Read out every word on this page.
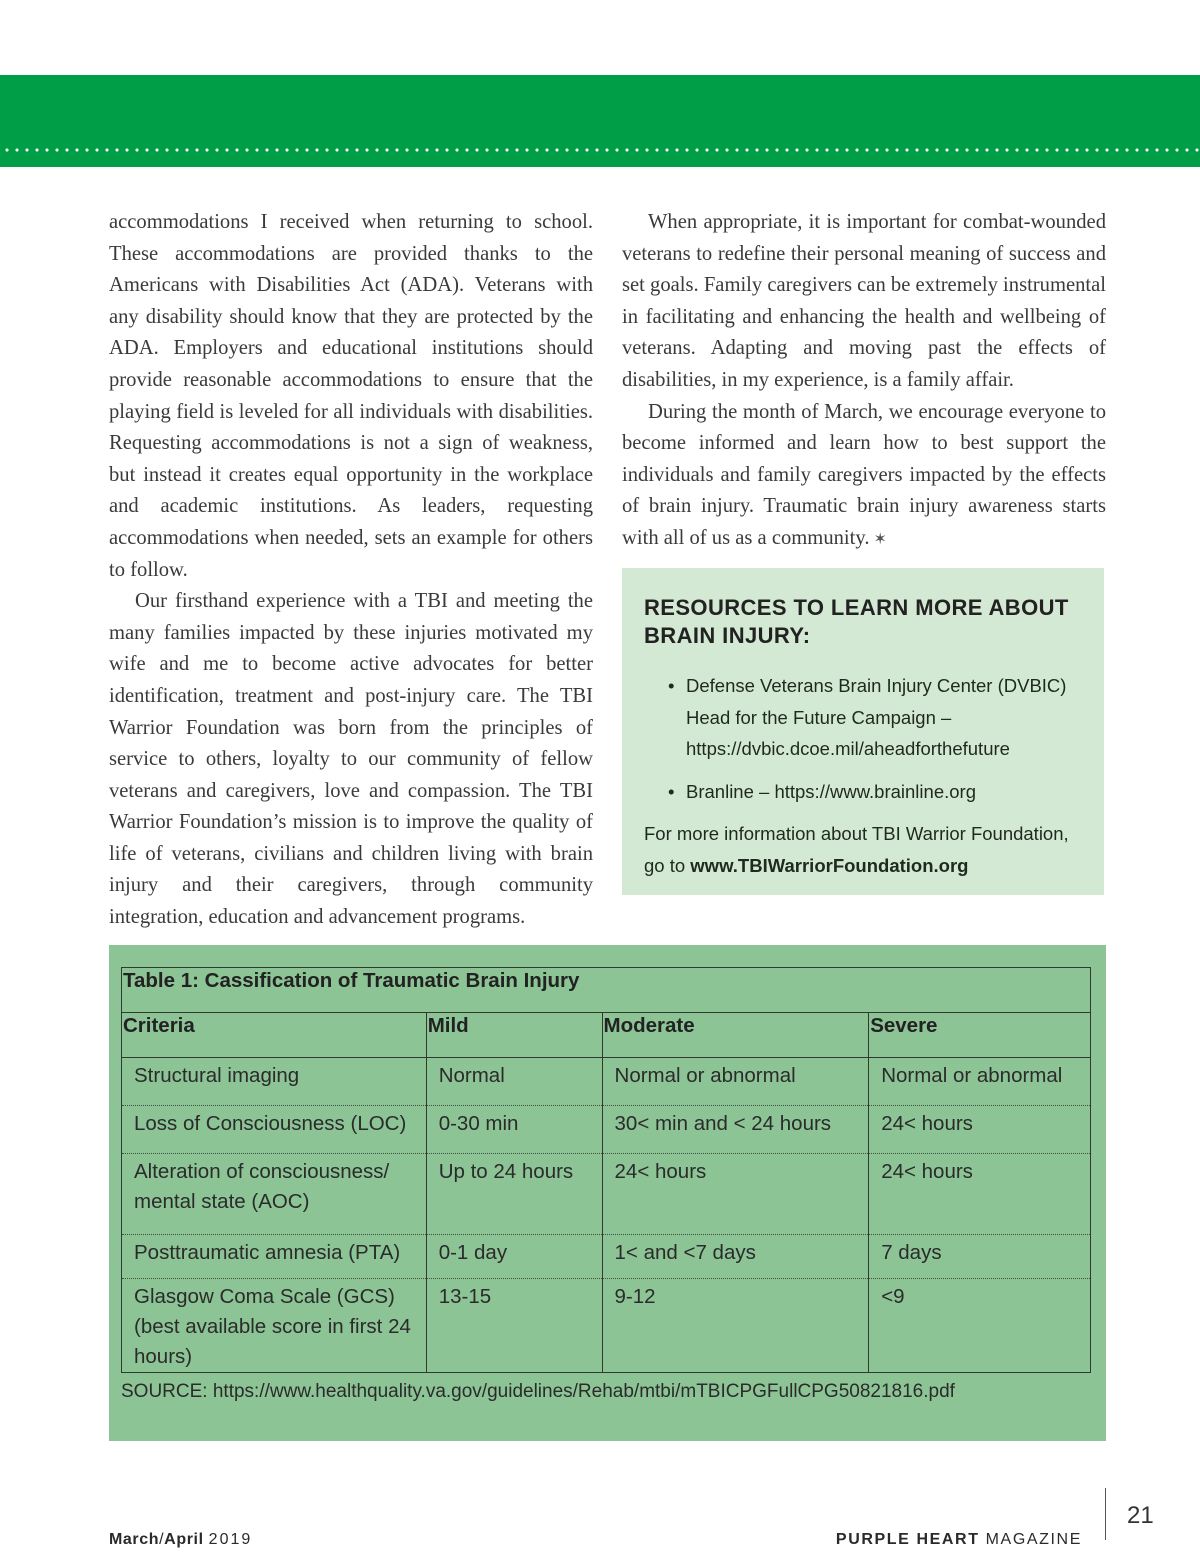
accommodations I received when returning to school. These accommodations are provided thanks to the Americans with Disabilities Act (ADA). Veterans with any disability should know that they are protected by the ADA. Employers and educational institutions should provide reasonable accommodations to ensure that the playing field is leveled for all individuals with disabilities. Requesting accommodations is not a sign of weakness, but instead it creates equal opportunity in the workplace and academic institutions. As leaders, requesting accommodations when needed, sets an example for others to follow.

Our firsthand experience with a TBI and meeting the many families impacted by these injuries motivated my wife and me to become active advocates for better identification, treatment and post-injury care. The TBI Warrior Foundation was born from the principles of service to others, loyalty to our community of fellow veterans and caregivers, love and compassion. The TBI Warrior Foundation’s mission is to improve the quality of life of veterans, civilians and children living with brain injury and their caregivers, through community integration, education and advancement programs.

When appropriate, it is important for combat-wounded veterans to redefine their personal meaning of success and set goals. Family caregivers can be extremely instrumental in facilitating and enhancing the health and wellbeing of veterans. Adapting and moving past the effects of disabilities, in my experience, is a family affair.

During the month of March, we encourage everyone to become informed and learn how to best support the individuals and family caregivers impacted by the effects of brain injury. Traumatic brain injury awareness starts with all of us as a community. ✶

RESOURCES TO LEARN MORE ABOUT BRAIN INJURY:
• Defense Veterans Brain Injury Center (DVBIC)
Head for the Future Campaign –
https://dvbic.dcoe.mil/aheadforthefuture
• Branline – https://www.brainline.org

For more information about TBI Warrior Foundation, go to www.TBIWarriorFoundation.org

Table 1: Cassification of Traumatic Brain Injury			
Criteria	Mild	Moderate	Severe
Structural imaging	Normal	Normal or abnormal	Normal or abnormal
Loss of Consciousness (LOC)	0-30 min	30< min and < 24 hours	24< hours
Alteration of consciousness/ mental state (AOC)	Up to 24 hours	24< hours	24< hours
Posttraumatic amnesia (PTA)	0-1 day	1< and <7 days	7 days
Glasgow Coma Scale (GCS) (best available score in first 24 hours)	13-15	9-12	<9
SOURCE: https://www.healthquality.va.gov/guidelines/Rehab/mtbi/mTBICPGFullCPG50821816.pdf
March/April 2019	PURPLE HEART MAGAZINE
21
